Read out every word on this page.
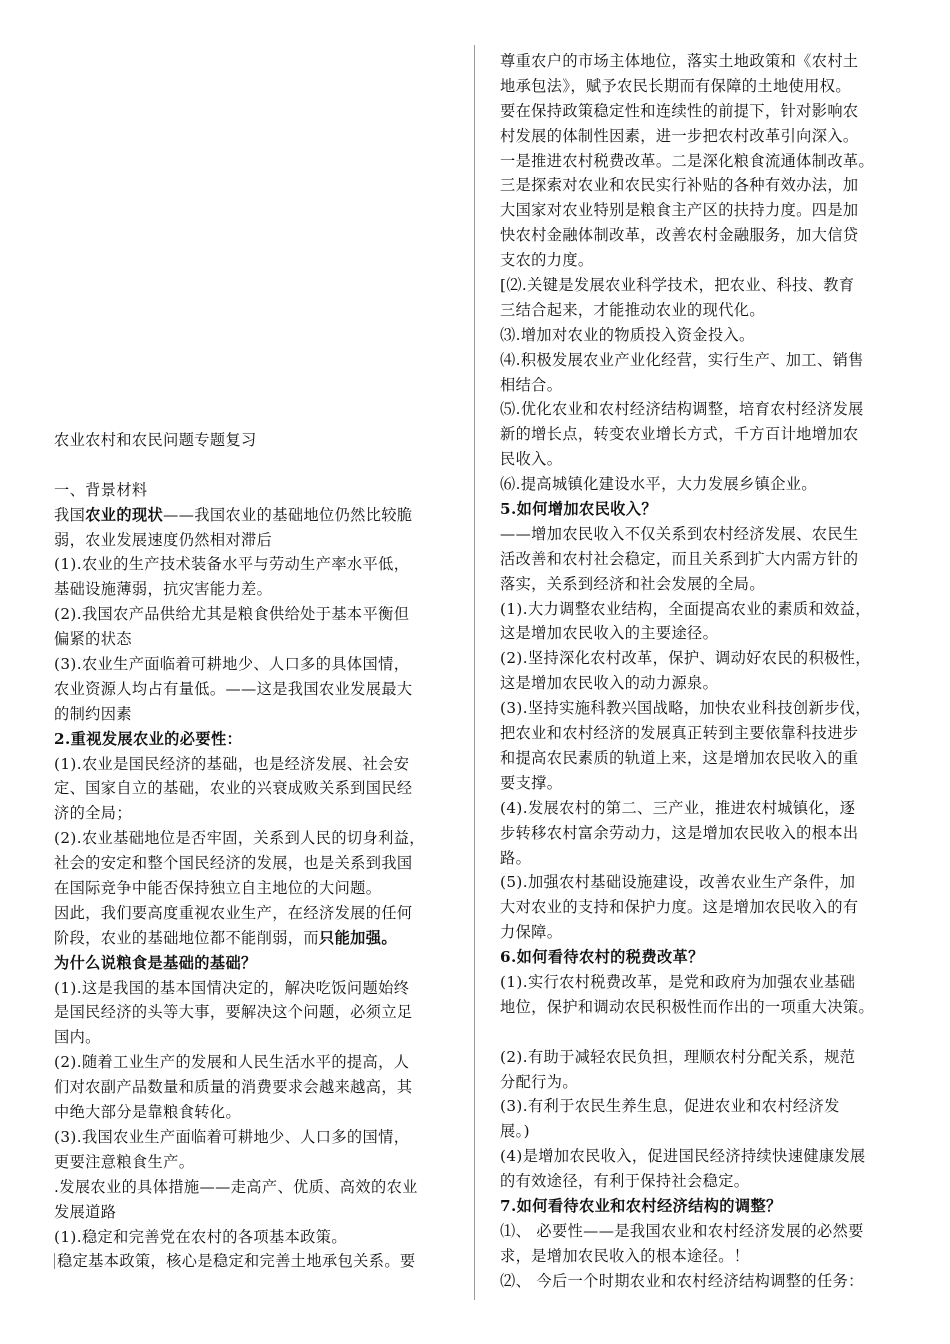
农业农村和农民问题专题复习
一、背景材料
我国农业的现状——我国农业的基础地位仍然比较脆
弱，农业发展速度仍然相对滞后
(1).农业的生产技术装备水平与劳动生产率水平低，
基础设施薄弱，抗灾害能力差。
(2).我国农产品供给尤其是粮食供给处于基本平衡但
偏紧的状态
(3).农业生产面临着可耕地少、人口多的具体国情，
农业资源人均占有量低。——这是我国农业发展最大
的制约因素
2.重视发展农业的必要性：
(1).农业是国民经济的基础，也是经济发展、社会安
定、国家自立的基础，农业的兴衰成败关系到国民经
济的全局；
(2).农业基础地位是否牢固，关系到人民的切身利益，
社会的安定和整个国民经济的发展，也是关系到我国
在国际竞争中能否保持独立自主地位的大问题。
因此，我们要高度重视农业生产，在经济发展的任何
阶段，农业的基础地位都不能削弱，而只能加强。
为什么说粮食是基础的基础？
(1).这是我国的基本国情决定的，解决吃饭问题始终
是国民经济的头等大事，要解决这个问题，必须立足
国内。
(2).随着工业生产的发展和人民生活水平的提高，人
们对农副产品数量和质量的消费要求会越来越高，其
中绝大部分是靠粮食转化。
(3).我国农业生产面临着可耕地少、人口多的国情，
更要注意粮食生产。
.发展农业的具体措施——走高产、优质、高效的农业
发展道路
(1).稳定和完善党在农村的各项基本政策。
稳定基本政策，核心是稳定和完善土地承包关系。要
尊重农户的市场主体地位，落实土地政策和《农村土
地承包法》，赋予农民长期而有保障的土地使用权。
要在保持政策稳定性和连续性的前提下，针对影响农
村发展的体制性因素，进一步把农村改革引向深入。
一是推进农村税费改革。二是深化粮食流通体制改革。
三是探索对农业和农民实行补贴的各种有效办法，加
大国家对农业特别是粮食主产区的扶持力度。四是加
快农村金融体制改革，改善农村金融服务，加大信贷
支农的力度。
[⑵.关键是发展农业科学技术，把农业、科技、教育
三结合起来，才能推动农业的现代化。
⑶.增加对农业的物质投入资金投入。
⑷.积极发展农业产业化经营，实行生产、加工、销售
相结合。
⑸.优化农业和农村经济结构调整，培育农村经济发展
新的增长点，转变农业增长方式，千方百计地增加农
民收入。
⑹.提高城镇化建设水平，大力发展乡镇企业。
5.如何增加农民收入？
——增加农民收入不仅关系到农村经济发展、农民生
活改善和农村社会稳定，而且关系到扩大内需方针的
落实，关系到经济和社会发展的全局。
(1).大力调整农业结构，全面提高农业的素质和效益，
这是增加农民收入的主要途径。
(2).坚持深化农村改革，保护、调动好农民的积极性，
这是增加农民收入的动力源泉。
(3).坚持实施科教兴国战略，加快农业科技创新步伐，
把农业和农村经济的发展真正转到主要依靠科技进步
和提高农民素质的轨道上来，这是增加农民收入的重
要支撑。
(4).发展农村的第二、三产业，推进农村城镇化，逐
步转移农村富余劳动力，这是增加农民收入的根本出
路。
(5).加强农村基础设施建设，改善农业生产条件，加
大对农业的支持和保护力度。这是增加农民收入的有
力保障。
6.如何看待农村的税费改革？
(1).实行农村税费改革，是党和政府为加强农业基础
地位，保护和调动农民积极性而作出的一项重大决策。
(2).有助于减轻农民负担，理顺农村分配关系，规范
分配行为。
(3).有利于农民生养生息，促进农业和农村经济发
展。)
(4)是增加农民收入，促进国民经济持续快速健康发展
的有效途径，有利于保持社会稳定。
7.如何看待农业和农村经济结构的调整？
⑴、 必要性——是我国农业和农村经济发展的必然要
求，是增加农民收入的根本途径。！
⑵、 今后一个时期农业和农村经济结构调整的任务：
